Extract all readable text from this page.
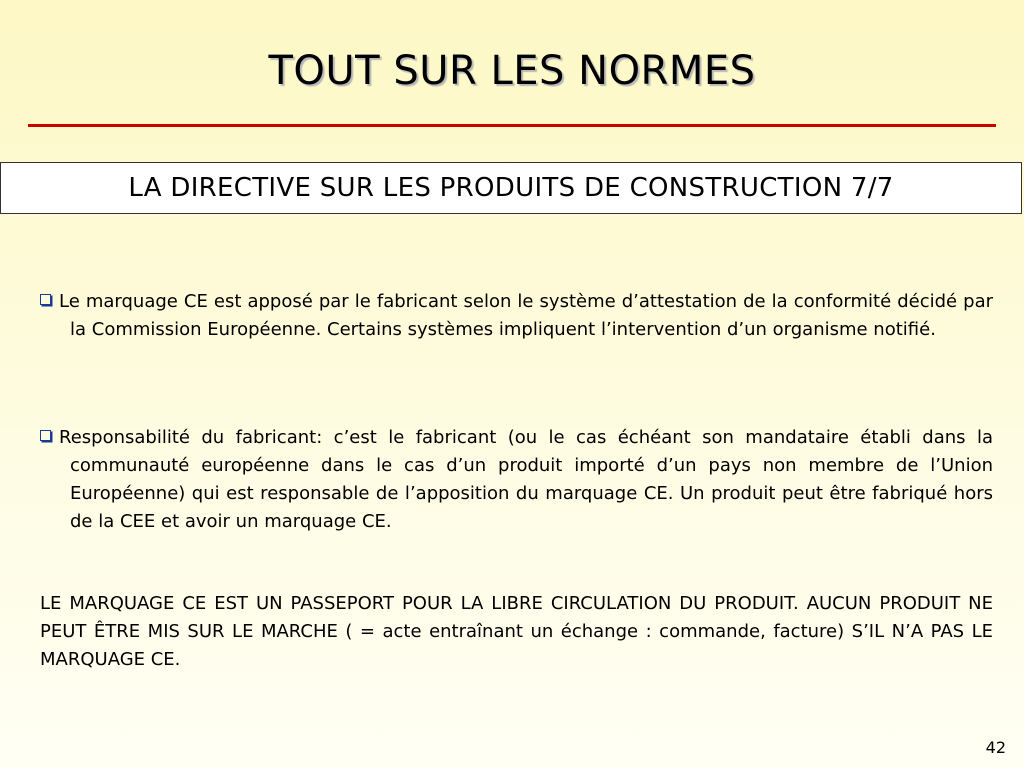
TOUT SUR LES NORMES
LA DIRECTIVE SUR LES PRODUITS DE CONSTRUCTION 7/7
Le marquage CE est apposé par le fabricant selon le système d’attestation de la conformité décidé par la Commission Européenne. Certains systèmes impliquent l’intervention d’un organisme notifié.
Responsabilité du fabricant: c’est le fabricant (ou le cas échéant son mandataire établi dans la communauté européenne dans le cas d’un produit importé d’un pays non membre de l’Union Européenne) qui est responsable de l’apposition du marquage CE. Un produit peut être fabriqué hors de la CEE et avoir un marquage CE.
LE MARQUAGE CE EST UN PASSEPORT POUR LA LIBRE CIRCULATION DU PRODUIT. AUCUN PRODUIT NE PEUT ÊTRE MIS SUR LE MARCHE ( = acte entraînant un échange : commande, facture) S’IL N’A PAS LE MARQUAGE CE.
42
